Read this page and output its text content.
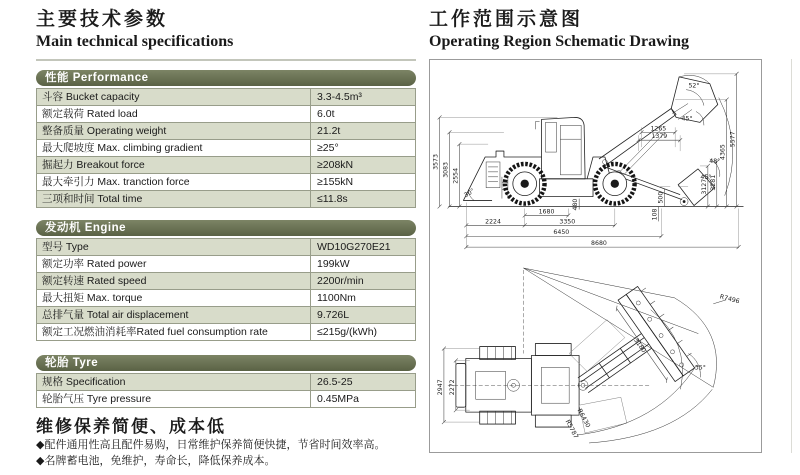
主要技术参数
Main technical specifications
性能 Performance
斗容 Bucket capacity	3.3-4.5m³
额定载荷 Rated load	6.0t
整备质量 Operating weight	21.2t
最大爬坡度 Max. climbing gradient	≥25°
掘起力 Breakout force	≥208kN
最大牵引力 Max. tranction force	≥155kN
三项和时间 Total time	≤11.8s
发动机 Engine
型号 Type	WD10G270E21
额定功率 Rated power	199kW
额定转速 Rated speed	2200r/min
最大扭矩 Max. torque	1100Nm
总排气量 Total air displacement	9.726L
额定工况燃油消耗率Rated fuel consumption rate	≤215g/(kWh)
轮胎 Tyre
规格 Specification	26.5-25
轮胎气压 Tyre pressure	0.45MPa
维修保养简便、成本低
◆配件通用性高且配件易购，日常维护保养简便快捷，节省时间效率高。
◆名牌蓄电池，免维护，寿命长，降低保养成本。
工作范围示意图
Operating Region Schematic Drawing
3573
3083 2554
1265
1379	5577
4365
3281
3127
1680
2224	3350
6450
8680
480
500
108
52°
45°
48°
45°
30°
3180
2947 2272
R7496
35°
R6430
R5787
